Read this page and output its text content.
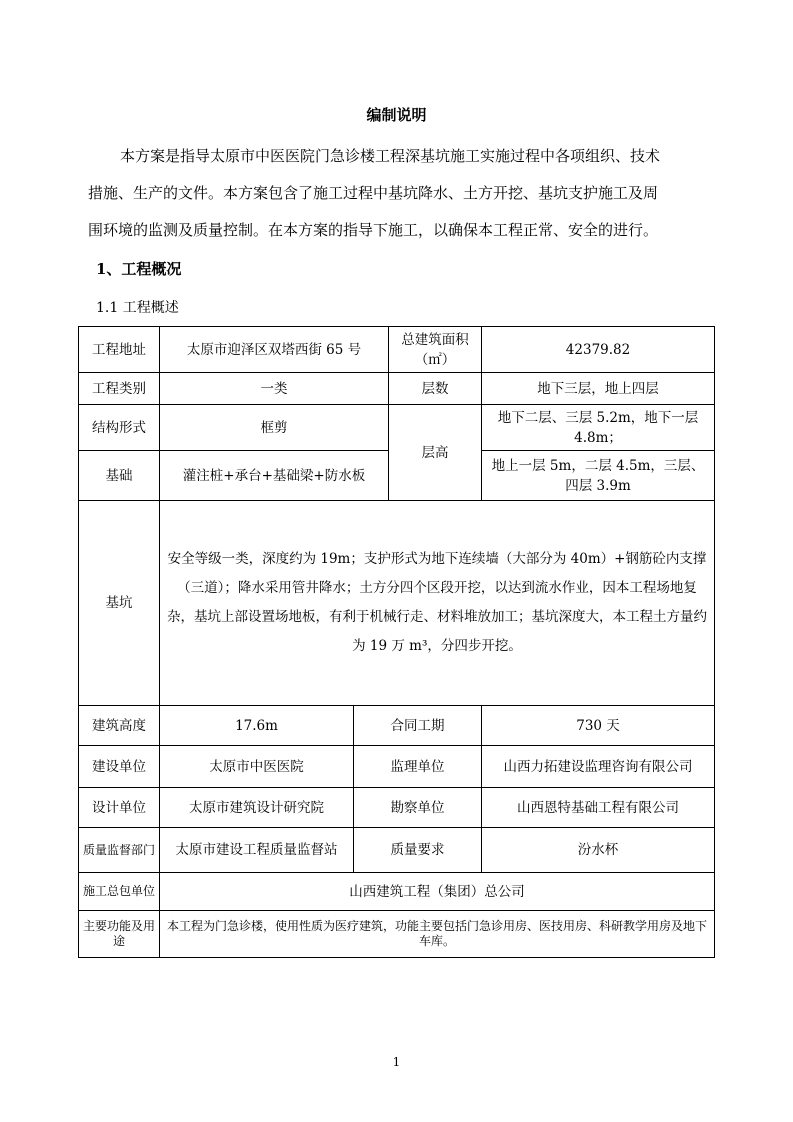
编制说明
本方案是指导太原市中医医院门急诊楼工程深基坑施工实施过程中各项组织、技术
措施、生产的文件。本方案包含了施工过程中基坑降水、土方开挖、基坑支护施工及周
围环境的监测及质量控制。在本方案的指导下施工，以确保本工程正常、安全的进行。
1、工程概况
1.1 工程概述
工程地址	太原市迎泽区双塔西街 65 号		总建筑面积（㎡）	42379.82
工程类别	一类		层数	地下三层，地上四层
结构形式	框剪		层高	地下二层、三层 5.2m，地下一层 4.8m；
基础	灌注桩+承台+基础梁+防水板			地上一层 5m，二层 4.5m，三层、四层 3.9m
基坑	安全等级一类，深度约为 19m；支护形式为地下连续墙（大部分为 40m）+钢筋砼内支撑（三道）；降水采用管井降水；土方分四个区段开挖，以达到流水作业，因本工程场地复杂，基坑上部设置场地板，有利于机械行走、材料堆放加工；基坑深度大，本工程土方量约为 19 万 m³，分四步开挖。			
建筑高度	17.6m	合同工期		730 天
建设单位	太原市中医医院	监理单位		山西力拓建设监理咨询有限公司
设计单位	太原市建筑设计研究院	勘察单位		山西恩特基础工程有限公司
质量监督部门	太原市建设工程质量监督站	质量要求		汾水杯
施工总包单位	山西建筑工程（集团）总公司			
主要功能及用途	本工程为门急诊楼，使用性质为医疗建筑，功能主要包括门急诊用房、医技用房、科研教学用房及地下车库。			
1
